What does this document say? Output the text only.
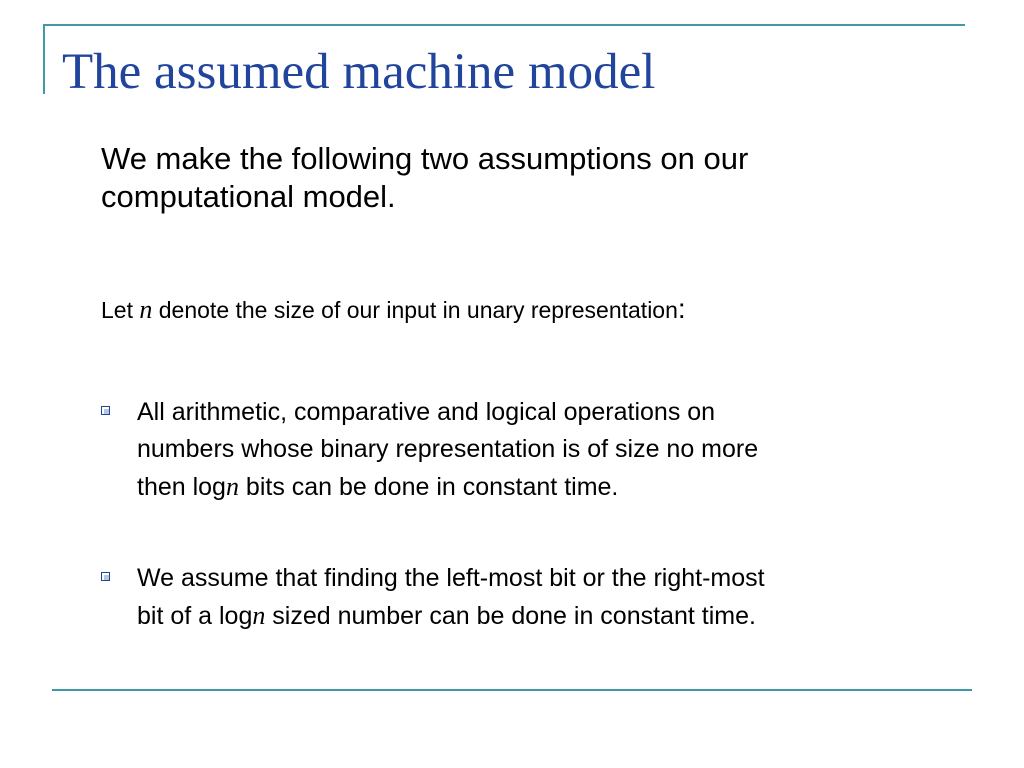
The assumed machine model

We make the following two assumptions on our computational model.

Let n denote the size of our input in unary representation:

All arithmetic, comparative and logical operations on
numbers whose binary representation is of size no more
then logn bits can be done in constant time.

We assume that finding the left-most bit or the right-most
bit of a logn sized number can be done in constant time.
